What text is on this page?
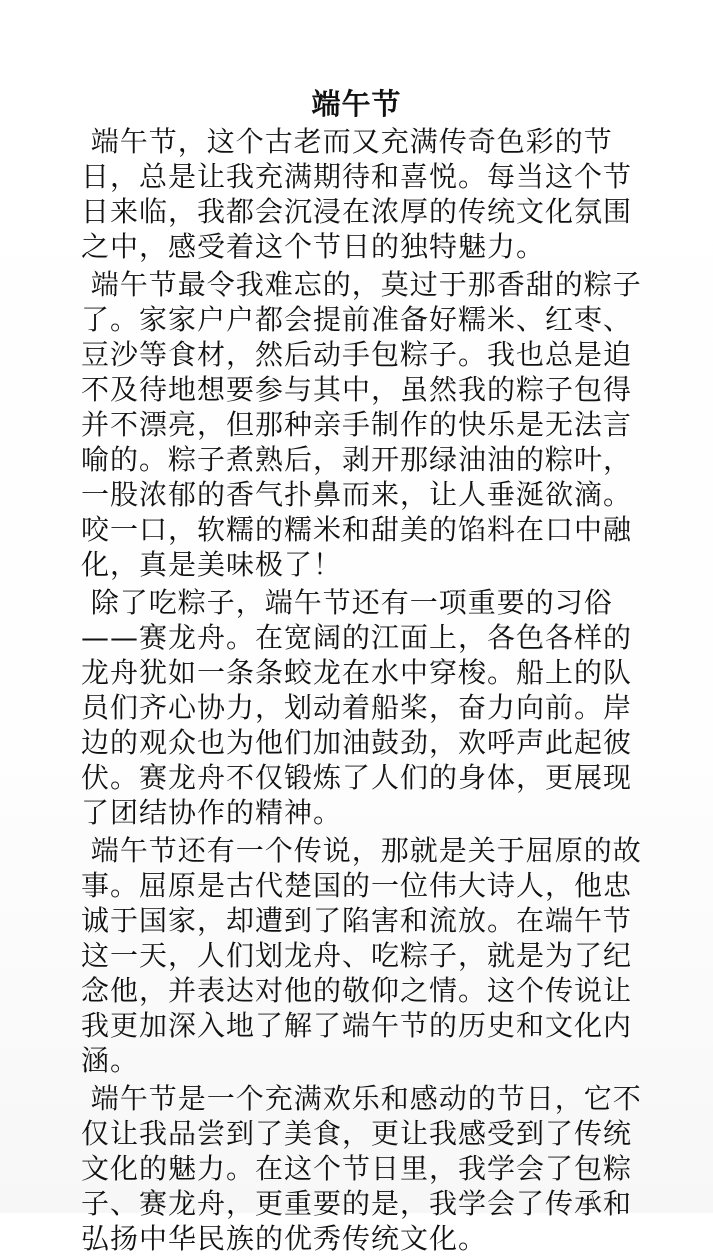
端午节

端午节，这个古老而又充满传奇色彩的节日，总是让我充满期待和喜悦。每当这个节日来临，我都会沉浸在浓厚的传统文化氛围之中，感受着这个节日的独特魅力。

端午节最令我难忘的，莫过于那香甜的粽子了。家家户户都会提前准备好糯米、红枣、豆沙等食材，然后动手包粽子。我也总是迫不及待地想要参与其中，虽然我的粽子包得并不漂亮，但那种亲手制作的快乐是无法言喻的。粽子煮熟后，剥开那绿油油的粽叶，一股浓郁的香气扑鼻而来，让人垂涎欲滴。咬一口，软糯的糯米和甜美的馅料在口中融化，真是美味极了！

除了吃粽子，端午节还有一项重要的习俗——赛龙舟。在宽阔的江面上，各色各样的龙舟犹如一条条蛟龙在水中穿梭。船上的队员们齐心协力，划动着船桨，奋力向前。岸边的观众也为他们加油鼓劲，欢呼声此起彼伏。赛龙舟不仅锻炼了人们的身体，更展现了团结协作的精神。

端午节还有一个传说，那就是关于屈原的故事。屈原是古代楚国的一位伟大诗人，他忠诚于国家，却遭到了陷害和流放。在端午节这一天，人们划龙舟、吃粽子，就是为了纪念他，并表达对他的敬仰之情。这个传说让我更加深入地了解了端午节的历史和文化内涵。

端午节是一个充满欢乐和感动的节日，它不仅让我品尝到了美食，更让我感受到了传统文化的魅力。在这个节日里，我学会了包粽子、赛龙舟，更重要的是，我学会了传承和弘扬中华民族的优秀传统文化。
